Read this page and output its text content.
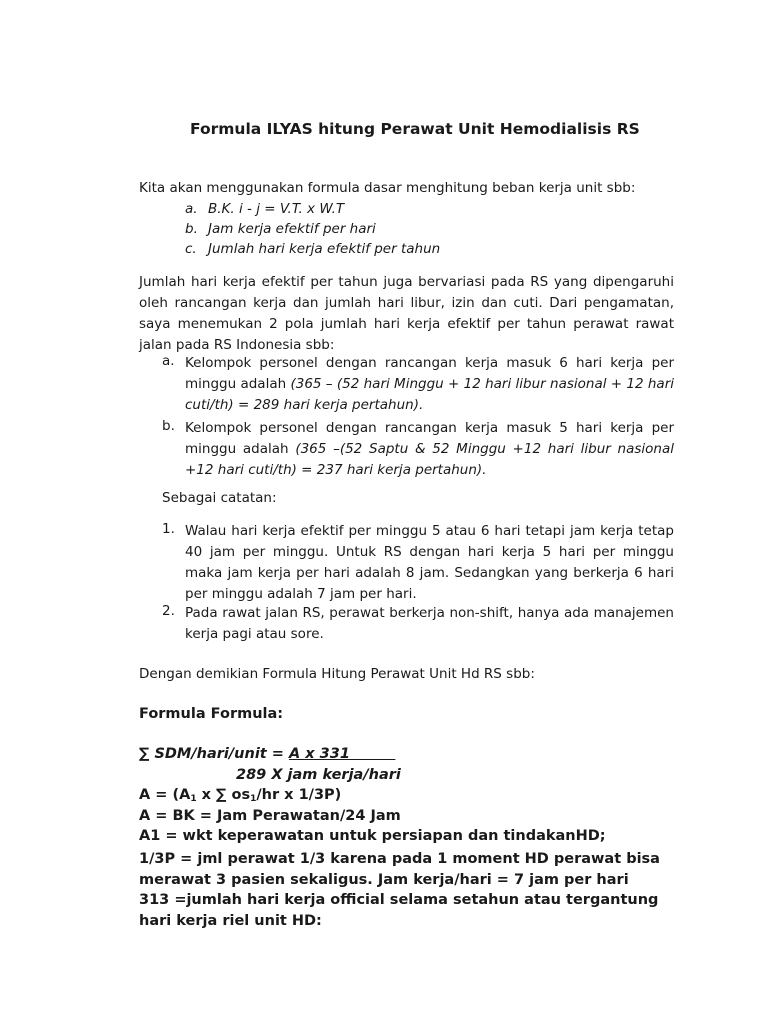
Formula ILYAS hitung Perawat Unit Hemodialisis RS
Kita akan menggunakan formula dasar menghitung beban kerja unit sbb:
a. B.K. i - j = V.T. x W.T
b. Jam kerja efektif per hari
c. Jumlah hari kerja efektif per tahun
Jumlah hari kerja efektif per tahun juga bervariasi pada RS yang dipengaruhi oleh rancangan kerja dan jumlah hari libur, izin dan cuti. Dari pengamatan, saya menemukan 2 pola jumlah hari kerja efektif per tahun perawat rawat jalan pada RS Indonesia sbb:
a. Kelompok personel dengan rancangan kerja masuk 6 hari kerja per minggu adalah (365 – (52 hari Minggu + 12 hari libur nasional + 12 hari cuti/th) = 289 hari kerja pertahun).
b. Kelompok personel dengan rancangan kerja masuk 5 hari kerja per minggu adalah (365 –(52 Saptu & 52 Minggu +12 hari libur nasional +12 hari cuti/th) = 237 hari kerja pertahun).
Sebagai catatan:
1. Walau hari kerja efektif per minggu 5 atau 6 hari tetapi jam kerja tetap 40 jam per minggu. Untuk RS dengan hari kerja 5 hari per minggu maka jam kerja per hari adalah 8 jam. Sedangkan yang berkerja 6 hari per minggu adalah 7 jam per hari.
2. Pada rawat jalan RS, perawat berkerja non-shift, hanya ada manajemen kerja pagi atau sore.
Dengan demikian Formula Hitung Perawat Unit Hd RS sbb:
Formula Formula:
∑ SDM/hari/unit = A x 331
289 X jam kerja/hari
$A = (A_1$ x ∑ $os_1/hr$ x 1/3P)
A = BK = Jam Perawatan/24 Jam
A1 = wkt keperawatan untuk persiapan dan tindakanHD;
1/3P = jml perawat 1/3 karena pada 1 moment HD perawat bisa merawat 3 pasien sekaligus. Jam kerja/hari = 7 jam per hari
313 =jumlah hari kerja official selama setahun atau tergantung hari kerja riel unit HD:
